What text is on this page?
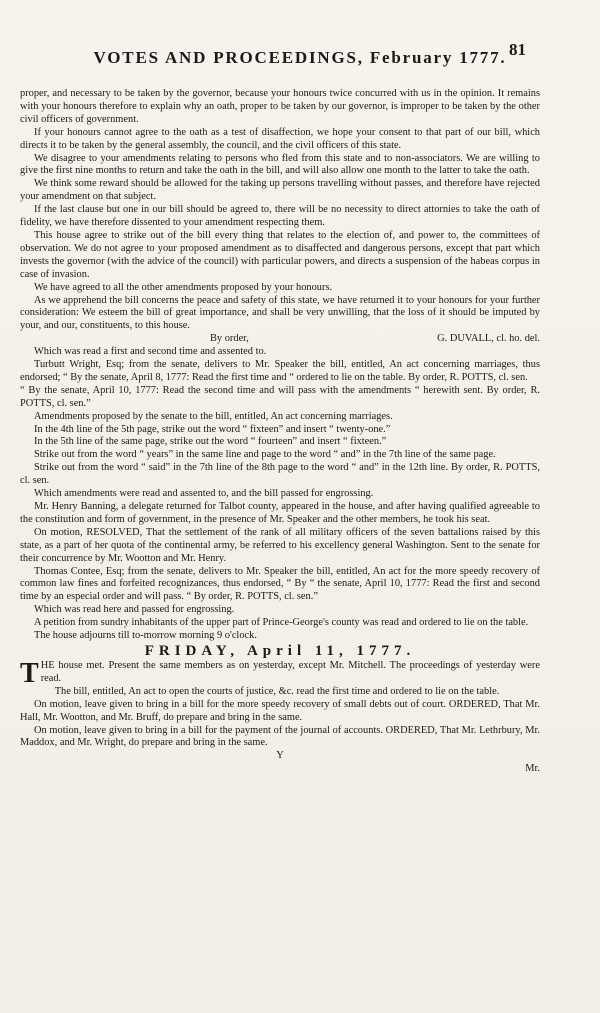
VOTES AND PROCEEDINGS, February 1777. 81

proper, and necessary to be taken by the governor, because your honours twice concurred with us in the opinion. It remains with your honours therefore to explain why an oath, proper to be taken by our governor, is improper to be taken by the other civil officers of government.

If your honours cannot agree to the oath as a test of disaffection, we hope your consent to that part of our bill, which directs it to be taken by the general assembly, the council, and the civil officers of this state.

We disagree to your amendments relating to persons who fled from this state and to non-associators. We are willing to give the first nine months to return and take the oath in the bill, and will also allow one month to the latter to take the oath.

We think some reward should be allowed for the taking up persons travelling without passes, and therefore have rejected your amendment on that subject.

If the last clause but one in our bill should be agreed to, there will be no necessity to direct attornies to take the oath of fidelity, we have therefore dissented to your amendment respecting them.

This house agree to strike out of the bill every thing that relates to the election of, and power to, the committees of observation. We do not agree to your proposed amendment as to disaffected and dangerous persons, except that part which invests the governor (with the advice of the council) with particular powers, and directs a suspension of the habeas corpus in case of invasion.

We have agreed to all the other amendments proposed by your honours.

As we apprehend the bill concerns the peace and safety of this state, we have returned it to your honours for your further consideration: We esteem the bill of great importance, and shall be very unwilling, that the loss of it should be imputed by your, and our, constituents, to this house.

By order,	G. DUVALL, cl. ho. del.

Which was read a first and second time and assented to.

Turbutt Wright, Esq; from the senate, delivers to Mr. Speaker the bill, entitled, An act concerning marriages, thus endorsed; “ By the senate, April 8, 1777: Read the first time and “ ordered to lie on the table. By order, R. POTTS, cl. sen.

“ By the senate, April 10, 1777: Read the second time and will pass with the amendments “ herewith sent. By order, R. POTTS, cl. sen.”

Amendments proposed by the senate to the bill, entitled, An act concerning marriages.

In the 4th line of the 5th page, strike out the word “ fixteen” and insert “ twenty-one.”

In the 5th line of the same page, strike out the word “ fourteen” and insert “ fixteen.”

Strike out from the word “ years” in the same line and page to the word “ and” in the 7th line of the same page.

Strike out from the word “ said” in the 7th line of the 8th page to the word “ and” in the 12th line. By order, R. POTTS, cl. sen.

Which amendments were read and assented to, and the bill passed for engrossing.

Mr. Henry Banning, a delegate returned for Talbot county, appeared in the house, and after having qualified agreeable to the constitution and form of government, in the presence of Mr. Speaker and the other members, he took his seat.

On motion, RESOLVED, That the settlement of the rank of all military officers of the seven battalions raised by this state, as a part of her quota of the continental army, be referred to his excellency general Washington. Sent to the senate for their concurrence by Mr. Wootton and Mr. Henry.

Thomas Contee, Esq; from the senate, delivers to Mr. Speaker the bill, entitled, An act for the more speedy recovery of common law fines and forfeited recognizances, thus endorsed, “ By “ the senate, April 10, 1777: Read the first and second time by an especial order and will pass. “ By order, R. POTTS, cl. sen.”

Which was read here and passed for engrossing.

A petition from sundry inhabitants of the upper part of Prince-George's county was read and ordered to lie on the table.

The house adjourns till to-morrow morning 9 o'clock.

FRIDAY, April 11, 1777.

THE house met. Present the same members as on yesterday, except Mr. Mitchell. The proceedings of yesterday were read.

The bill, entitled, An act to open the courts of justice, &c. read the first time and ordered to lie on the table.

On motion, leave given to bring in a bill for the more speedy recovery of small debts out of court. ORDERED, That Mr. Hall, Mr. Wootton, and Mr. Bruff, do prepare and bring in the same.

On motion, leave given to bring in a bill for the payment of the journal of accounts. ORDERED, That Mr. Lethrbury, Mr. Maddox, and Mr. Wright, do prepare and bring in the same.

Y

Mr.
